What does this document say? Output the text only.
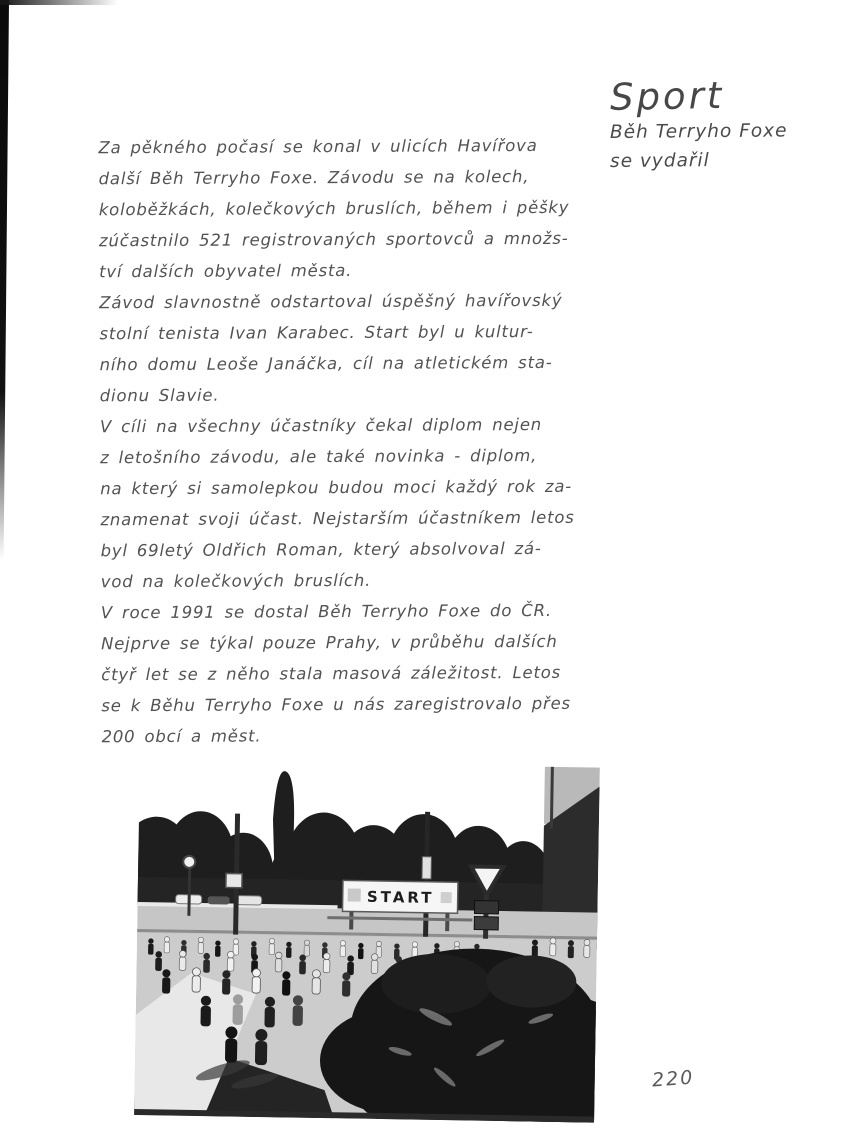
Sport
Běh Terryho Foxe
se vydařil
Za pěkného počasí se konal v ulicích Havířova
další Běh Terryho Foxe. Závodu se na kolech,
koloběžkách, kolečkových bruslích, během i pěšky
zúčastnilo 521 registrovaných sportovců a množs-
tví dalších obyvatel města.
Závod slavnostně odstartoval úspěšný havířovský
stolní tenista Ivan Karabec. Start byl u kultur-
ního domu Leoše Janáčka, cíl na atletickém sta-
dionu Slavie.
V cíli na všechny účastníky čekal diplom nejen
z letošního závodu, ale také novinka - diplom,
na který si samolepkou budou moci každý rok za-
znamenat svoji účast. Nejstarším účastníkem letos
byl 69letý Oldřich Roman, který absolvoval zá-
vod na kolečkových bruslích.
V roce 1991 se dostal Běh Terryho Foxe do ČR.
Nejprve se týkal pouze Prahy, v průběhu dalších
čtyř let se z něho stala masová záležitost. Letos
se k Běhu Terryho Foxe u nás zaregistrovalo přes
200 obcí a měst.
START
220
